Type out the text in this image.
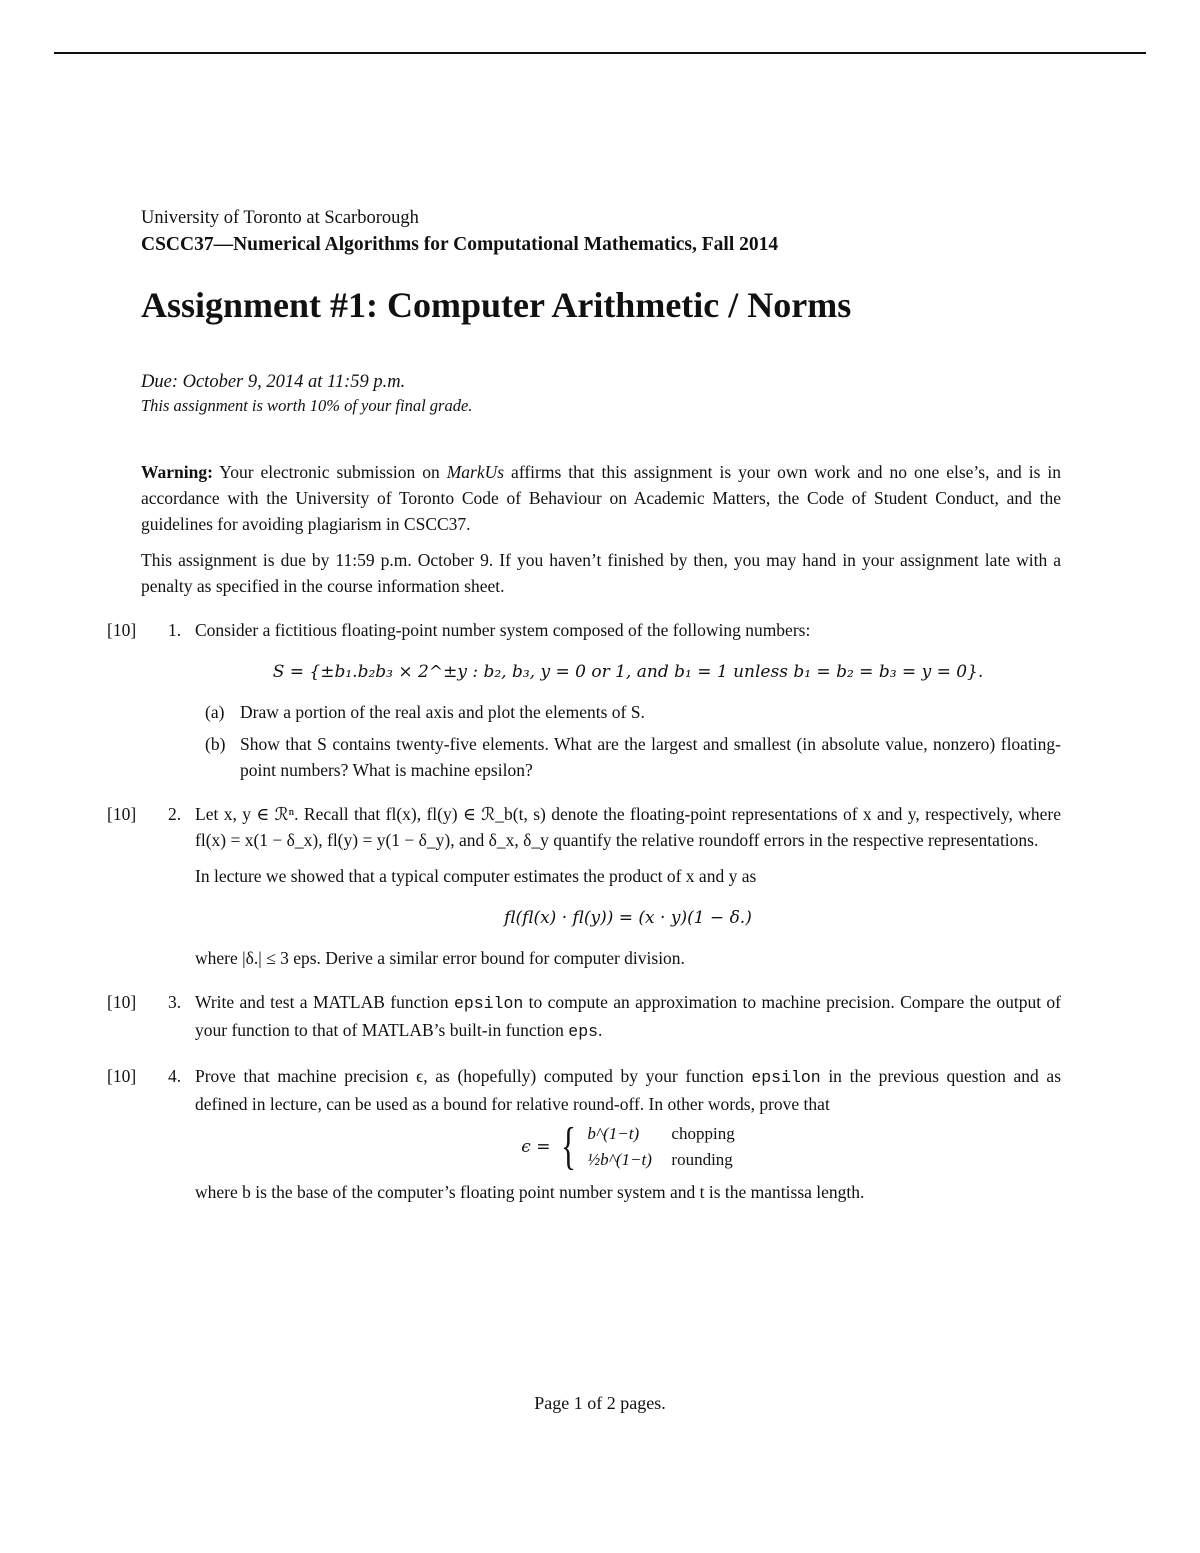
University of Toronto at Scarborough
CSCC37—Numerical Algorithms for Computational Mathematics, Fall 2014
Assignment #1: Computer Arithmetic / Norms
Due: October 9, 2014 at 11:59 p.m.
This assignment is worth 10% of your final grade.

Warning: Your electronic submission on MarkUs affirms that this assignment is your own work and no one else’s, and is in accordance with the University of Toronto Code of Behaviour on Academic Matters, the Code of Student Conduct, and the guidelines for avoiding plagiarism in CSCC37.

This assignment is due by 11:59 p.m. October 9. If you haven’t finished by then, you may hand in your assignment late with a penalty as specified in the course information sheet.

[10] 1. Consider a fictitious floating-point number system composed of the following numbers:

S = {±b₁.b₂b₃ × 2^±y : b₂, b₃, y = 0 or 1, and b₁ = 1 unless b₁ = b₂ = b₃ = y = 0}.
(a) Draw a portion of the real axis and plot the elements of S.
(b) Show that S contains twenty-five elements. What are the largest and smallest (in absolute value, nonzero) floating-point numbers? What is machine epsilon?
[10] 2. Let x, y ∈ ℛⁿ. Recall that fl(x), fl(y) ∈ ℛ_b(t, s) denote the floating-point representations of x and y, respectively, where fl(x) = x(1 − δ_x), fl(y) = y(1 − δ_y), and δ_x, δ_y quantify the relative roundoff errors in the respective representations.

In lecture we showed that a typical computer estimates the product of x and y as

fl(fl(x) · fl(y)) = (x · y)(1 − δ.)

where |δ.| ≤ 3 eps. Derive a similar error bound for computer division.

[10] 3. Write and test a MATLAB function epsilon to compute an approximation to machine precision. Compare the output of your function to that of MATLAB’s built-in function eps.

[10] 4. Prove that machine precision ϵ, as (hopefully) computed by your function epsilon in the previous question and as defined in lecture, can be used as a bound for relative round-off. In other words, prove that

ϵ = { b^(1−t)	chopping
½b^(1−t)	rounding

where b is the base of the computer’s floating point number system and t is the mantissa length.

Page 1 of 2 pages.
